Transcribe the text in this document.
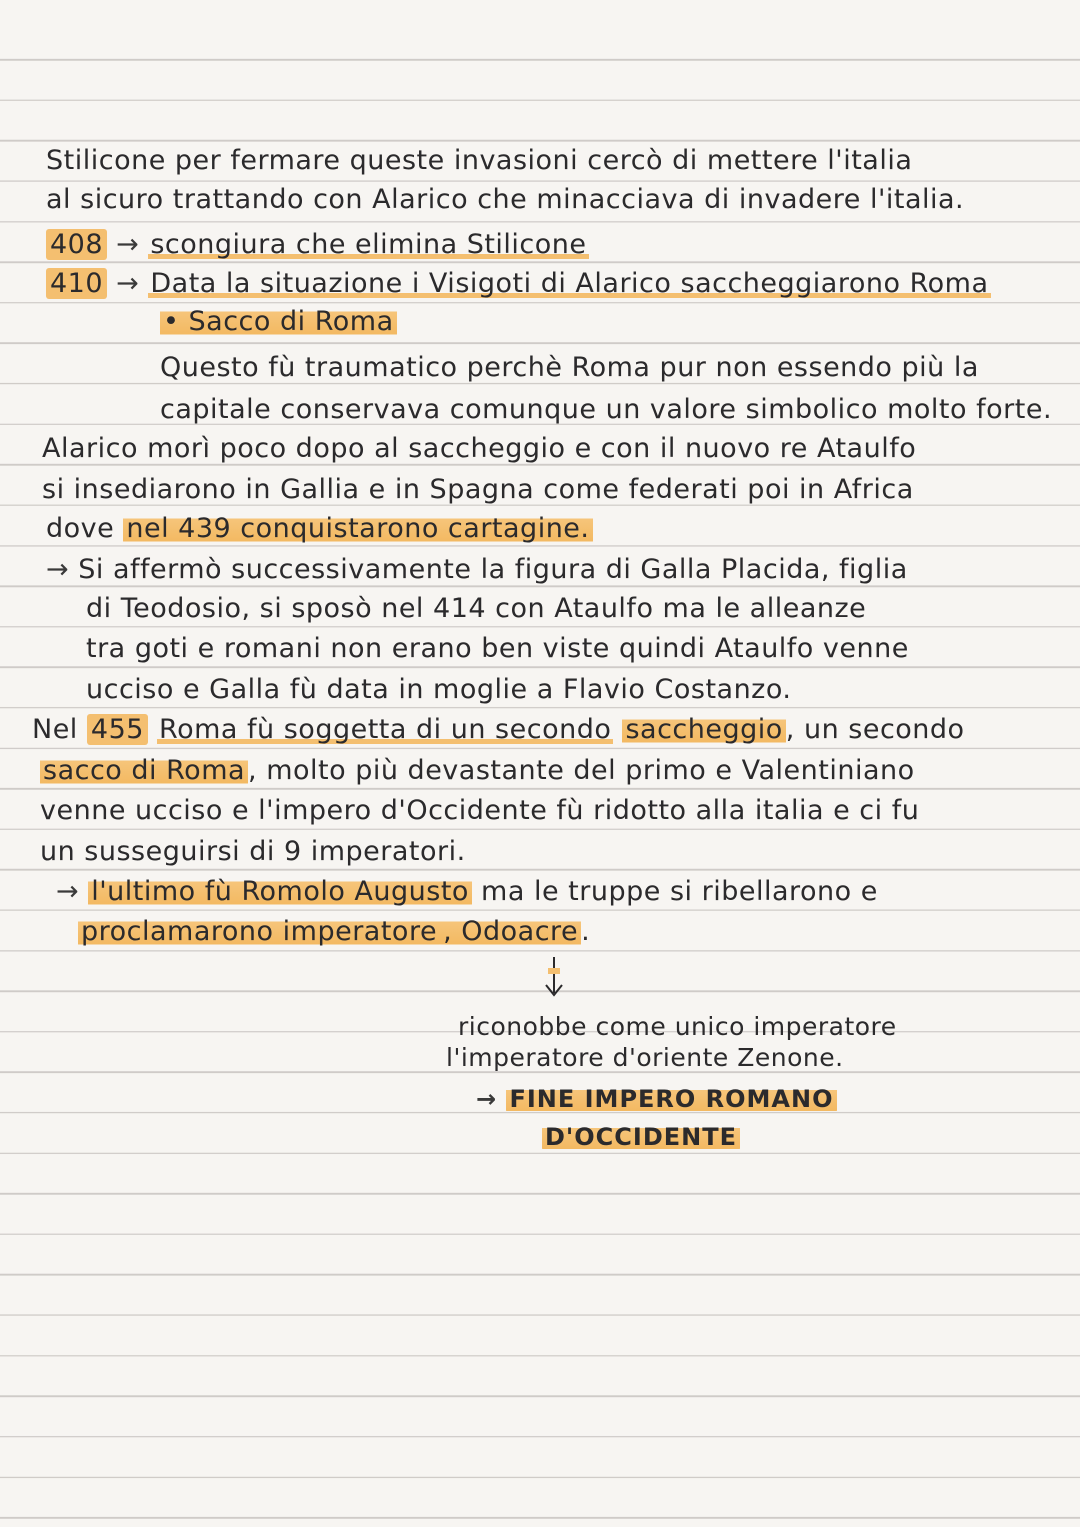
Stilicone per fermare queste invasioni cercò di mettere l'italia
al sicuro trattando con Alarico che minacciava di invadere l'italia.
408 → scongiura che elimina Stilicone
410 → Data la situazione i Visigoti di Alarico saccheggiarono Roma
• Sacco di Roma
Questo fù traumatico perchè Roma pur non essendo più la
capitale conservava comunque un valore simbolico molto forte.
Alarico morì poco dopo al saccheggio e con il nuovo re Ataulfo
si insediarono in Gallia e in Spagna come federati poi in Africa
dove nel 439 conquistarono cartagine.
→ Si affermò successivamente la figura di Galla Placida, figlia
di Teodosio, si sposò nel 414 con Ataulfo ma le alleanze
tra goti e romani non erano ben viste quindi Ataulfo venne
ucciso e Galla fù data in moglie a Flavio Costanzo.
Nel 455 Roma fù soggetta di un secondo saccheggio , un secondo
sacco di Roma , molto più devastante del primo e Valentiniano
venne ucciso e l'impero d'Occidente fù ridotto alla italia e ci fu
un susseguirsi di 9 imperatori.
→ l'ultimo fù Romolo Augusto ma le truppe si ribellarono e
proclamarono imperatore , Odoacre .
riconobbe come unico imperatore
l'imperatore d'oriente Zenone.
→ FINE IMPERO ROMANO
D'OCCIDENTE
